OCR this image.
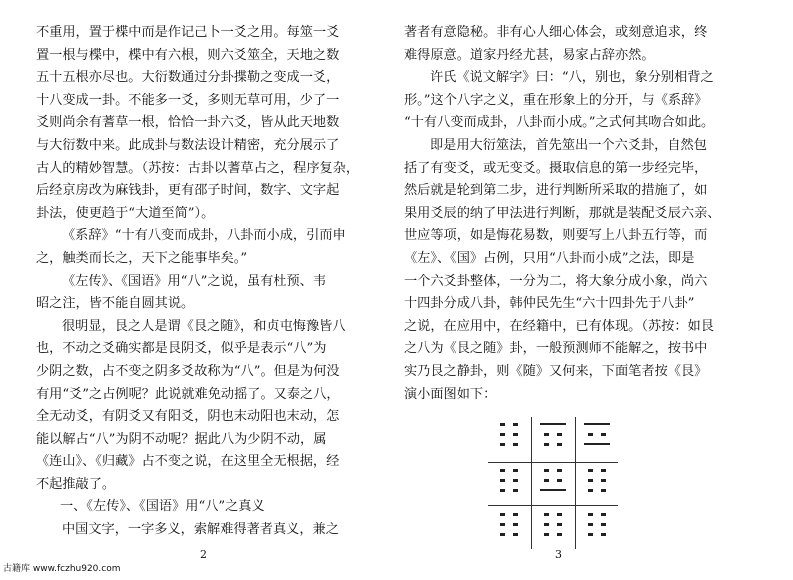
不重用，置于楪中而是作记己卜一爻之用。每筮一爻

置一根与楪中，楪中有六根，则六爻筮全，天地之数

五十五根亦尽也。大衍数通过分卦揲勒之变成一爻，

十八变成一卦。不能多一爻，多则无草可用，少了一

爻则尚余有蓍草一根，恰恰一卦六爻，皆从此天地数

与大衍数中来。此成卦与数法设计精密，充分展示了

古人的精妙智慧。（苏按：古卦以蓍草占之，程序复杂，

后经京房改为麻钱卦，更有邵子时间，数字、文字起

卦法，使更趋于“大道至简”）。

《系辞》“十有八变而成卦，八卦而小成，引而申

之，触类而长之，天下之能事毕矣。”

《左传》、《国语》用“八”之说，虽有杜预、韦

昭之注，皆不能自圆其说。

很明显，艮之人是谓《艮之随》，和贞屯悔豫皆八

也，不动之爻确实都是艮阴爻，似乎是表示“八”为

少阴之数，占不变之阴多爻故称为“八”。但是为何没

有用“爻”之占例呢？此说就难免动摇了。又泰之八，

全无动爻，有阴爻又有阳爻，阴也末动阳也末动，怎

能以解占“八”为阴不动呢？据此八为少阴不动，属

《连山》、《归藏》占不变之说，在这里全无根据，经

不起推敲了。

一、《左传》、《国语》用“八”之真义

中国文字，一字多义，索解难得著者真义，兼之

著者有意隐秘。非有心人细心体会，或刻意追求，终

难得原意。道家丹经尤甚，易家占辞亦然。

许氏《说文解字》曰：“八，别也，象分别相背之

形。”这个八字之义，重在形象上的分开，与《系辞》

“十有八变而成卦，八卦而小成。”之式何其吻合如此。

即是用大衍筮法，首先筮出一个六爻卦，自然包

括了有变爻，或无变爻。摄取信息的第一步经完毕，

然后就是轮到第二步，进行判断所采取的措施了，如

果用爻辰的纳了甲法进行判断，那就是装配爻辰六亲、

世应等项，如是悔花易数，则要写上八卦五行等，而

《左》、《国》占例，只用“八卦而小成”之法，即是

一个六爻卦整体，一分为二，将大象分成小象，尚六

十四卦分成八卦，韩仲民先生“六十四卦先于八卦”

之说，在应用中，在经籍中，已有体现。（苏按：如艮

之八为《艮之随》卦，一般预测师不能解之，按书中

实乃艮之静卦，则《随》又何来，下面笔者按《艮》

演小面图如下：

2	3
古籍库 www.fczhu920.com
